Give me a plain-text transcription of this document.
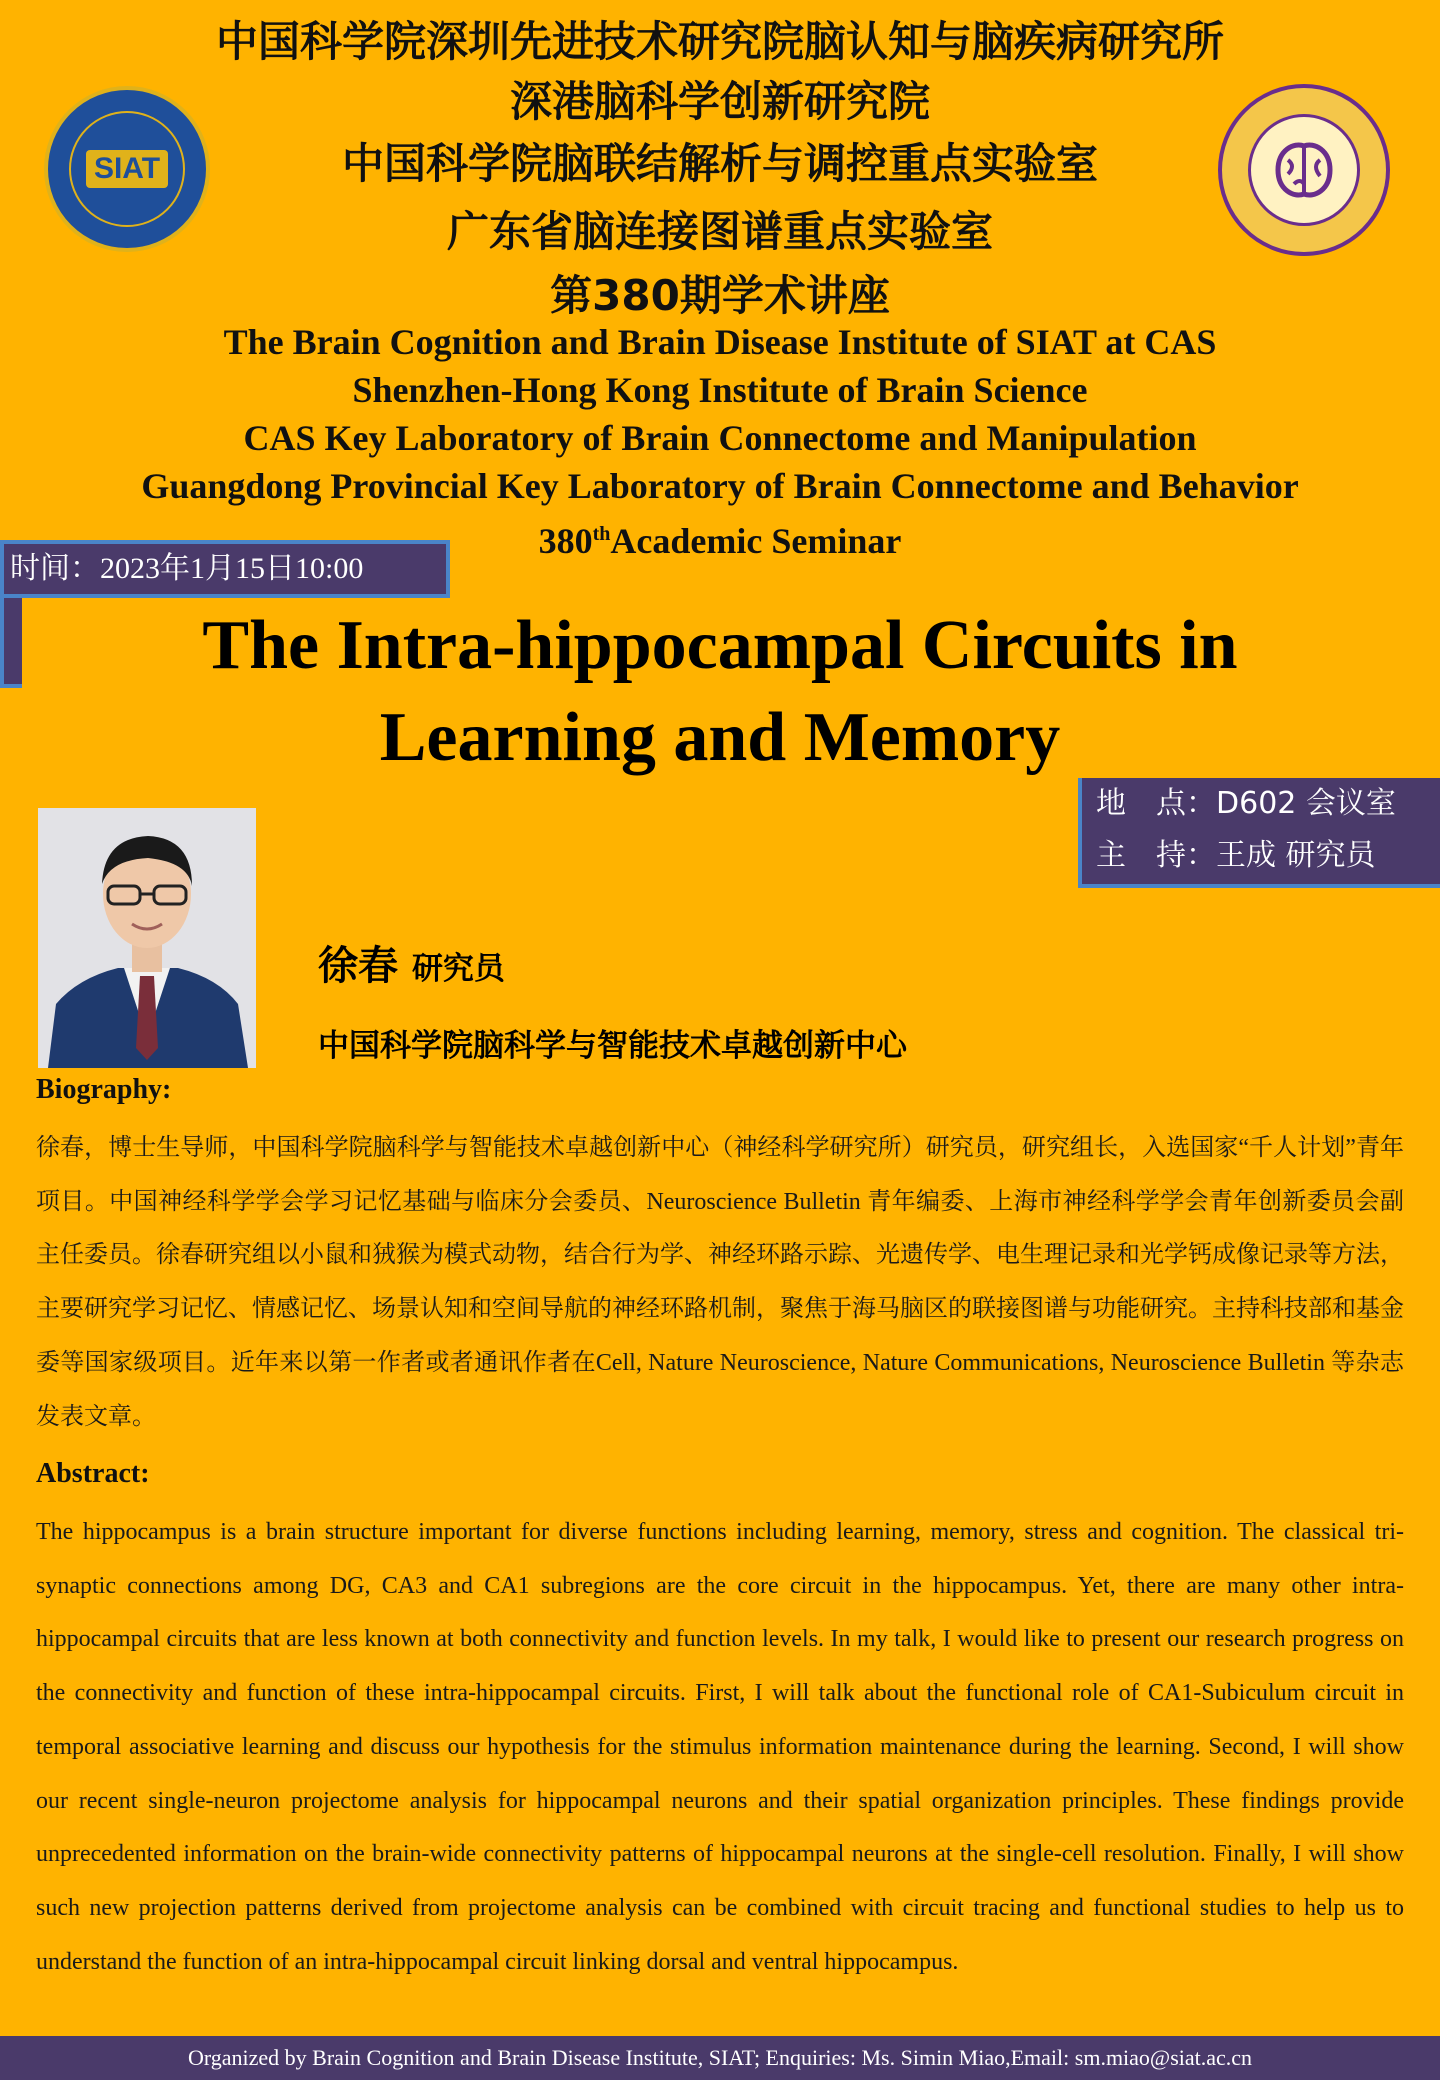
SIAT
中国科学院深圳先进技术研究院脑认知与脑疾病研究所
深港脑科学创新研究院
中国科学院脑联结解析与调控重点实验室
广东省脑连接图谱重点实验室
第380期学术讲座
The Brain Cognition and Brain Disease Institute of SIAT at CAS
Shenzhen-Hong Kong Institute of Brain Science
CAS Key Laboratory of Brain Connectome and Manipulation
Guangdong Provincial Key Laboratory of Brain Connectome and Behavior
380thAcademic Seminar
时间：2023年1月15日10:00
The Intra-hippocampal Circuits in
Learning and Memory
地　点：D602 会议室
主　持：王成 研究员
徐春 研究员
中国科学院脑科学与智能技术卓越创新中心
Biography:
徐春，博士生导师，中国科学院脑科学与智能技术卓越创新中心（神经科学研究所）研究员，研究组长，入选国家“千人计划”青年项目。中国神经科学学会学习记忆基础与临床分会委员、Neuroscience Bulletin 青年编委、上海市神经科学学会青年创新委员会副主任委员。徐春研究组以小鼠和狨猴为模式动物，结合行为学、神经环路示踪、光遗传学、电生理记录和光学钙成像记录等方法，主要研究学习记忆、情感记忆、场景认知和空间导航的神经环路机制，聚焦于海马脑区的联接图谱与功能研究。主持科技部和基金委等国家级项目。近年来以第一作者或者通讯作者在Cell, Nature Neuroscience, Nature Communications, Neuroscience Bulletin 等杂志发表文章。
Abstract:
The hippocampus is a brain structure important for diverse functions including learning, memory, stress and cognition. The classical tri-synaptic connections among DG, CA3 and CA1 subregions are the core circuit in the hippocampus. Yet, there are many other intra-hippocampal circuits that are less known at both connectivity and function levels. In my talk, I would like to present our research progress on the connectivity and function of these intra-hippocampal circuits. First, I will talk about the functional role of CA1-Subiculum circuit in temporal associative learning and discuss our hypothesis for the stimulus information maintenance during the learning. Second, I will show our recent single-neuron projectome analysis for hippocampal neurons and their spatial organization principles. These findings provide unprecedented information on the brain-wide connectivity patterns of hippocampal neurons at the single-cell resolution. Finally, I will show such new projection patterns derived from projectome analysis can be combined with circuit tracing and functional studies to help us to understand the function of an intra-hippocampal circuit linking dorsal and ventral hippocampus.
Organized by Brain Cognition and Brain Disease Institute, SIAT; Enquiries: Ms. Simin Miao,Email: sm.miao@siat.ac.cn
